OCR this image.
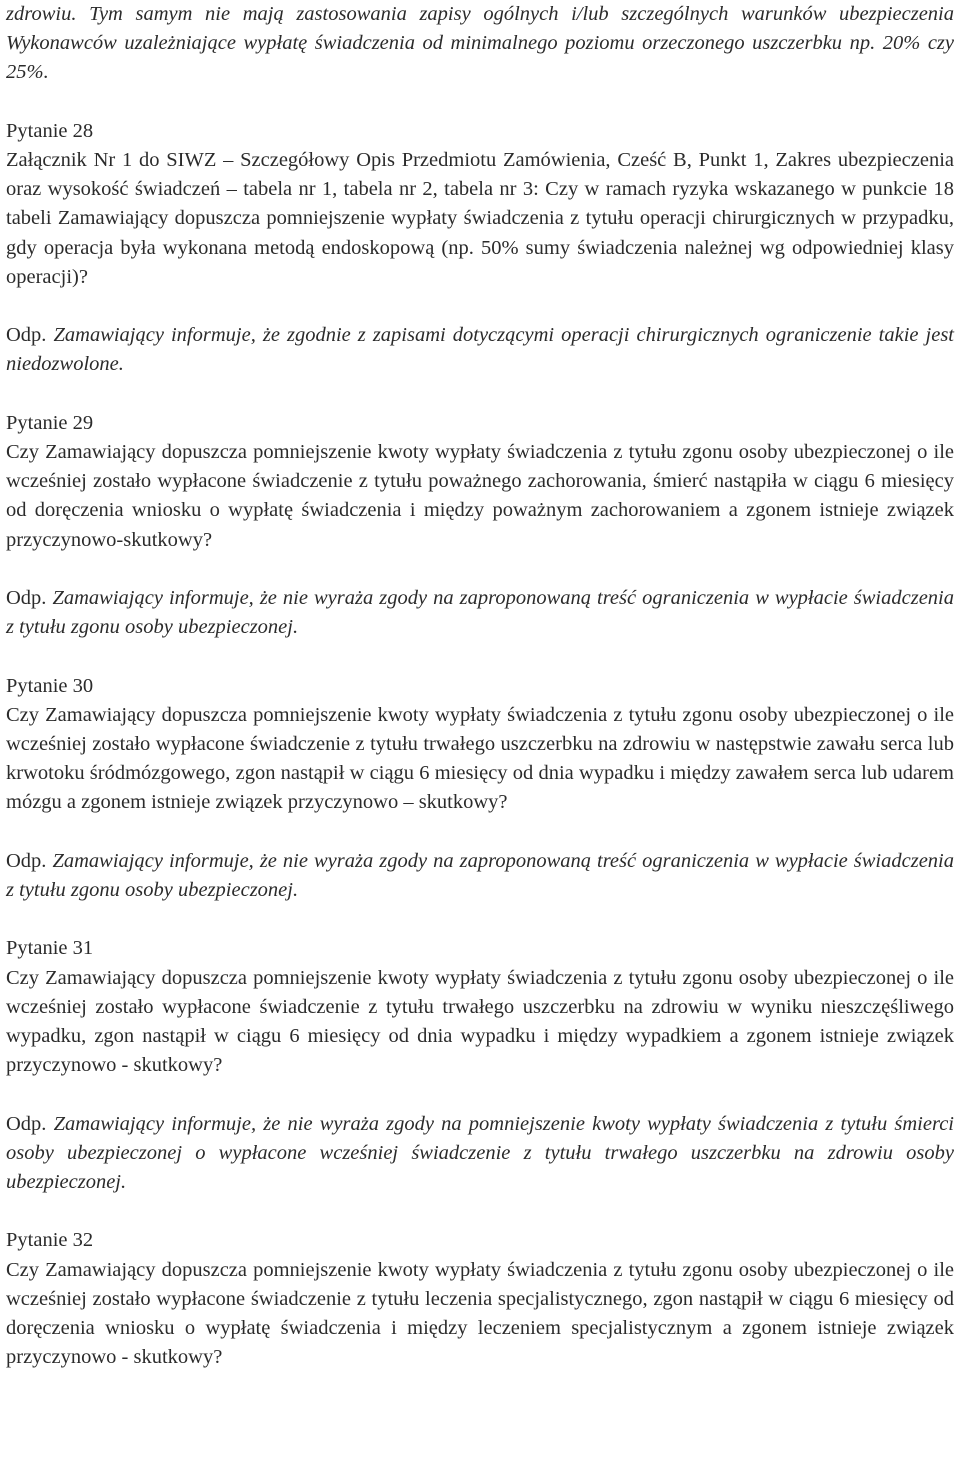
zdrowiu. Tym samym nie mają zastosowania zapisy ogólnych i/lub szczególnych warunków ubezpieczenia Wykonawców uzależniające wypłatę świadczenia od minimalnego poziomu orzeczonego uszczerbku np. 20% czy 25%.

Pytanie 28

Załącznik Nr 1 do SIWZ – Szczegółowy Opis Przedmiotu Zamówienia, Cześć B, Punkt 1, Zakres ubezpieczenia oraz wysokość świadczeń – tabela nr 1, tabela nr 2, tabela nr 3: Czy w ramach ryzyka wskazanego w punkcie 18 tabeli Zamawiający dopuszcza pomniejszenie wypłaty świadczenia z tytułu operacji chirurgicznych w przypadku, gdy operacja była wykonana metodą endoskopową (np. 50% sumy świadczenia należnej wg odpowiedniej klasy operacji)?

Odp. Zamawiający informuje, że zgodnie z zapisami dotyczącymi operacji chirurgicznych ograniczenie takie jest niedozwolone.

Pytanie 29

Czy Zamawiający dopuszcza pomniejszenie kwoty wypłaty świadczenia z tytułu zgonu osoby ubezpieczonej o ile wcześniej zostało wypłacone świadczenie z tytułu poważnego zachorowania, śmierć nastąpiła w ciągu 6 miesięcy od doręczenia wniosku o wypłatę świadczenia i między poważnym zachorowaniem a zgonem istnieje związek przyczynowo-skutkowy?

Odp. Zamawiający informuje, że nie wyraża zgody na zaproponowaną treść ograniczenia w wypłacie świadczenia z tytułu zgonu osoby ubezpieczonej.

Pytanie 30

Czy Zamawiający dopuszcza pomniejszenie kwoty wypłaty świadczenia z tytułu zgonu osoby ubezpieczonej o ile wcześniej zostało wypłacone świadczenie z tytułu trwałego uszczerbku na zdrowiu w następstwie zawału serca lub krwotoku śródmózgowego, zgon nastąpił w ciągu 6 miesięcy od dnia wypadku i między zawałem serca lub udarem mózgu a zgonem istnieje związek przyczynowo – skutkowy?

Odp. Zamawiający informuje, że nie wyraża zgody na zaproponowaną treść ograniczenia w wypłacie świadczenia z tytułu zgonu osoby ubezpieczonej.

Pytanie 31

Czy Zamawiający dopuszcza pomniejszenie kwoty wypłaty świadczenia z tytułu zgonu osoby ubezpieczonej o ile wcześniej zostało wypłacone świadczenie z tytułu trwałego uszczerbku na zdrowiu w wyniku nieszczęśliwego wypadku, zgon nastąpił w ciągu 6 miesięcy od dnia wypadku i między wypadkiem a zgonem istnieje związek przyczynowo - skutkowy?

Odp. Zamawiający informuje, że nie wyraża zgody na pomniejszenie kwoty wypłaty świadczenia z tytułu śmierci osoby ubezpieczonej o wypłacone wcześniej świadczenie z tytułu trwałego uszczerbku na zdrowiu osoby ubezpieczonej.

Pytanie 32

Czy Zamawiający dopuszcza pomniejszenie kwoty wypłaty świadczenia z tytułu zgonu osoby ubezpieczonej o ile wcześniej zostało wypłacone świadczenie z tytułu leczenia specjalistycznego, zgon nastąpił w ciągu 6 miesięcy od doręczenia wniosku o wypłatę świadczenia i między leczeniem specjalistycznym a zgonem istnieje związek przyczynowo - skutkowy?
